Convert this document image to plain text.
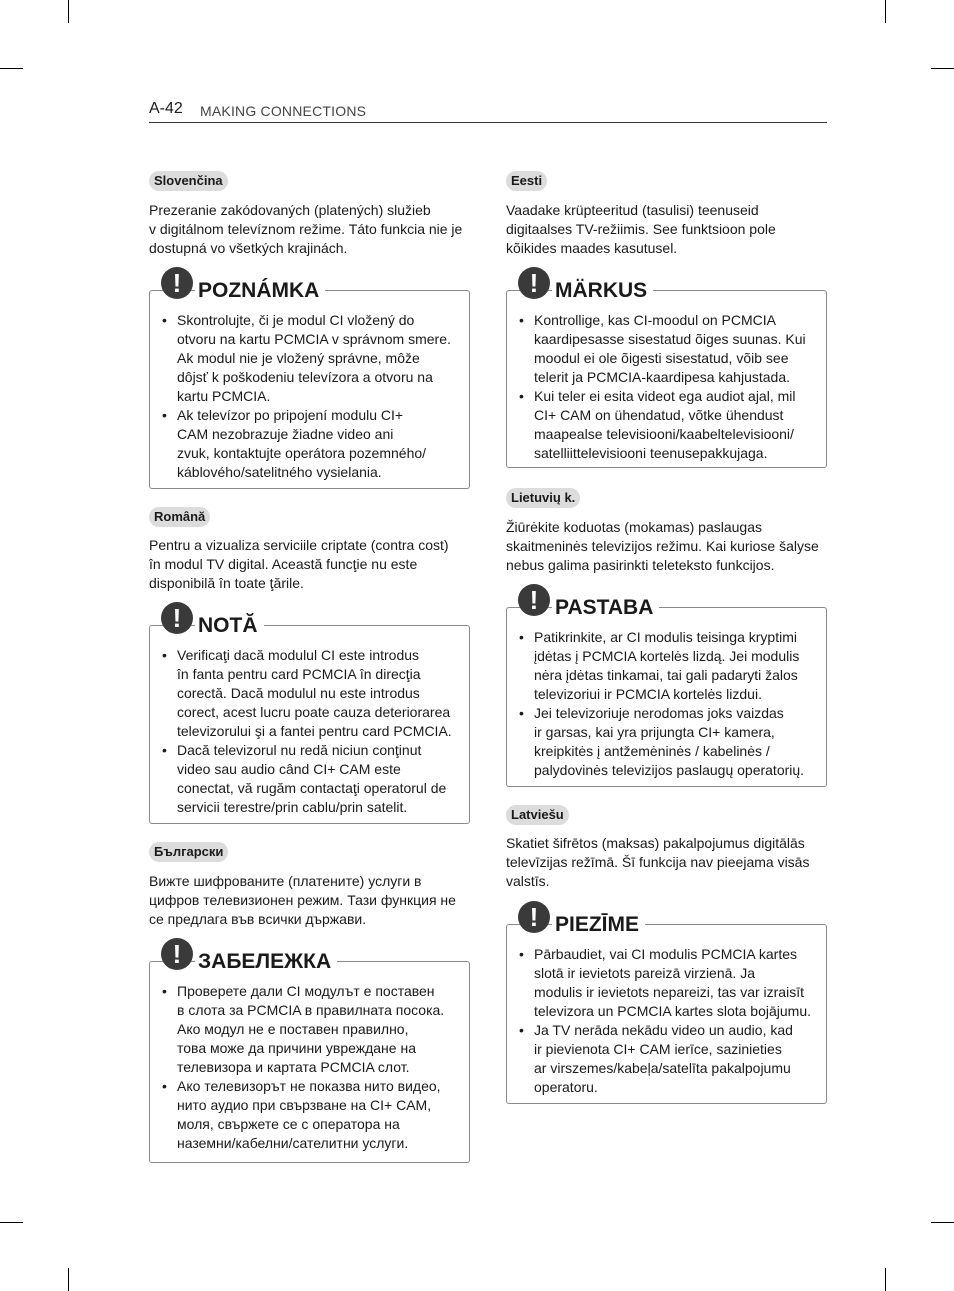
A-42 MAKING CONNECTIONS
Slovenčina
Prezeranie zakódovaných (platených) služieb
v digitálnom televíznom režime. Táto funkcia nie je
dostupná vo všetkých krajinách.
! POZNÁMKA
• Skontrolujte, či je modul CI vložený do
otvoru na kartu PCMCIA v správnom smere.
Ak modul nie je vložený správne, môže
dôjsť k poškodeniu televízora a otvoru na
kartu PCMCIA.
• Ak televízor po pripojení modulu CI+
CAM nezobrazuje žiadne video ani
zvuk, kontaktujte operátora pozemného/
káblového/satelitného vysielania.
Română
Pentru a vizualiza serviciile criptate (contra cost)
în modul TV digital. Această funcţie nu este
disponibilă în toate ţările.
! NOTĂ
• Verificaţi dacă modulul CI este introdus
în fanta pentru card PCMCIA în direcţia
corectă. Dacă modulul nu este introdus
corect, acest lucru poate cauza deteriorarea
televizorului şi a fantei pentru card PCMCIA.
• Dacă televizorul nu redă niciun conţinut
video sau audio când CI+ CAM este
conectat, vă rugăm contactaţi operatorul de
servicii terestre/prin cablu/prin satelit.
Български
Вижте шифрованите (платените) услуги в
цифров телевизионен режим. Тази функция не
се предлага във всички държави.
! ЗАБЕЛЕЖКА
• Проверете дали CI модулът е поставен
в слота за PCMCIA в правилната посока.
Ако модул не е поставен правилно,
това може да причини увреждане на
телевизора и картата PCMCIA слот.
• Ако телевизорът не показва нито видео,
нито аудио при свързване на CI+ CAM,
моля, свържете се с оператора на
наземни/кабелни/сателитни услуги.
Eesti
Vaadake krüpteeritud (tasulisi) teenuseid
digitaalses TV-režiimis. See funktsioon pole
kõikides maades kasutusel.
! MÄRKUS
• Kontrollige, kas CI-moodul on PCMCIA
kaardipesasse sisestatud õiges suunas. Kui
moodul ei ole õigesti sisestatud, võib see
telerit ja PCMCIA-kaardipesa kahjustada.
• Kui teler ei esita videot ega audiot ajal, mil
CI+ CAM on ühendatud, võtke ühendust
maapealse televisiooni/kaabeltelevisiooni/
satelliittelevisiooni teenusepakkujaga.
Lietuvių k.
Žiūrėkite koduotas (mokamas) paslaugas
skaitmeninės televizijos režimu. Kai kuriose šalyse
nebus galima pasirinkti teleteksto funkcijos.
! PASTABA
• Patikrinkite, ar CI modulis teisinga kryptimi
įdėtas į PCMCIA kortelės lizdą. Jei modulis
nėra įdėtas tinkamai, tai gali padaryti žalos
televizoriui ir PCMCIA kortelės lizdui.
• Jei televizoriuje nerodomas joks vaizdas
ir garsas, kai yra prijungta CI+ kamera,
kreipkitės į antžemėninės / kabelinės /
palydovinės televizijos paslaugų operatorių.
Latviešu
Skatiet šifrētos (maksas) pakalpojumus digitālās
televīzijas režīmā. Šī funkcija nav pieejama visās
valstīs.
! PIEZĪME
• Pārbaudiet, vai CI modulis PCMCIA kartes
slotā ir ievietots pareizā virzienā. Ja
modulis ir ievietots nepareizi, tas var izraisīt
televizora un PCMCIA kartes slota bojājumu.
• Ja TV nerāda nekādu video un audio, kad
ir pievienota CI+ CAM ierīce, sazinieties
ar virszemes/kabeļa/satelīta pakalpojumu
operatoru.
